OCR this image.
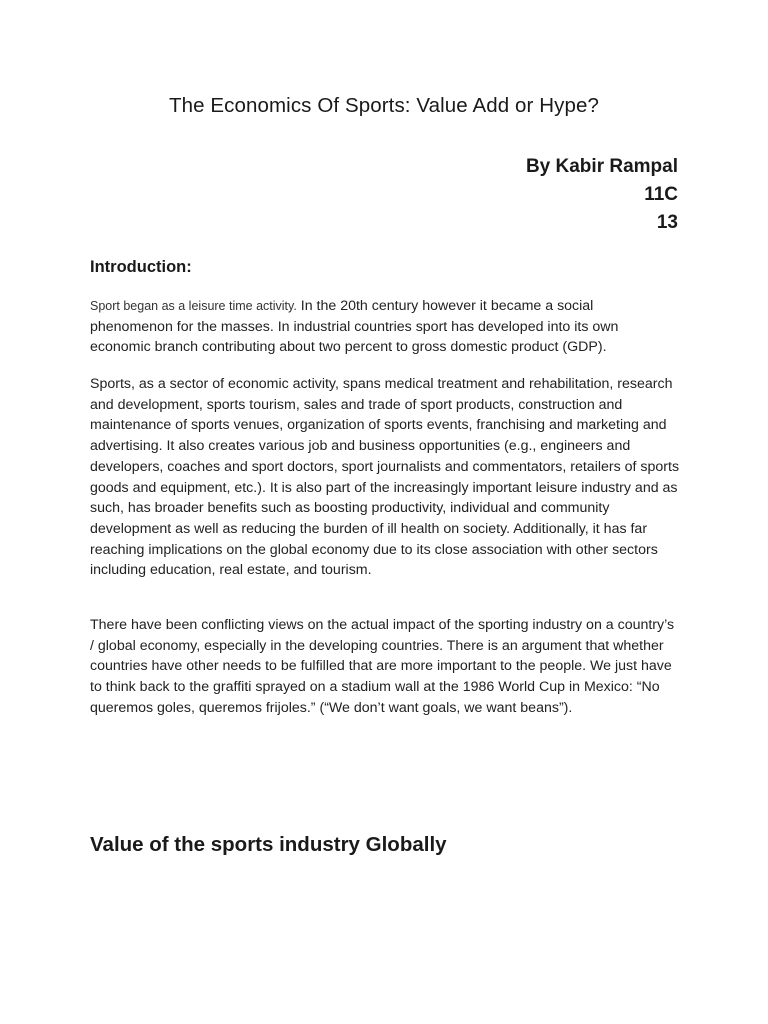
The Economics Of Sports: Value Add or Hype?
By Kabir Rampal
11C
13
Introduction:

Sport began as a leisure time activity. In the 20th century however it became a social phenomenon for the masses. In industrial countries sport has developed into its own economic branch contributing about two percent to gross domestic product (GDP).

Sports, as a sector of economic activity, spans medical treatment and rehabilitation, research and development, sports tourism, sales and trade of sport products, construction and maintenance of sports venues, organization of sports events, franchising and marketing and advertising. It also creates various job and business opportunities (e.g., engineers and developers, coaches and sport doctors, sport journalists and commentators, retailers of sports goods and equipment, etc.). It is also part of the increasingly important leisure industry and as such, has broader benefits such as boosting productivity, individual and community development as well as reducing the burden of ill health on society. Additionally, it has far reaching implications on the global economy due to its close association with other sectors including education, real estate, and tourism.

There have been conflicting views on the actual impact of the sporting industry on a country’s / global economy, especially in the developing countries. There is an argument that whether countries have other needs to be fulfilled that are more important to the people. We just have to think back to the graffiti sprayed on a stadium wall at the 1986 World Cup in Mexico: “No queremos goles, queremos frijoles.” (“We don’t want goals, we want beans”).

Value of the sports industry Globally
